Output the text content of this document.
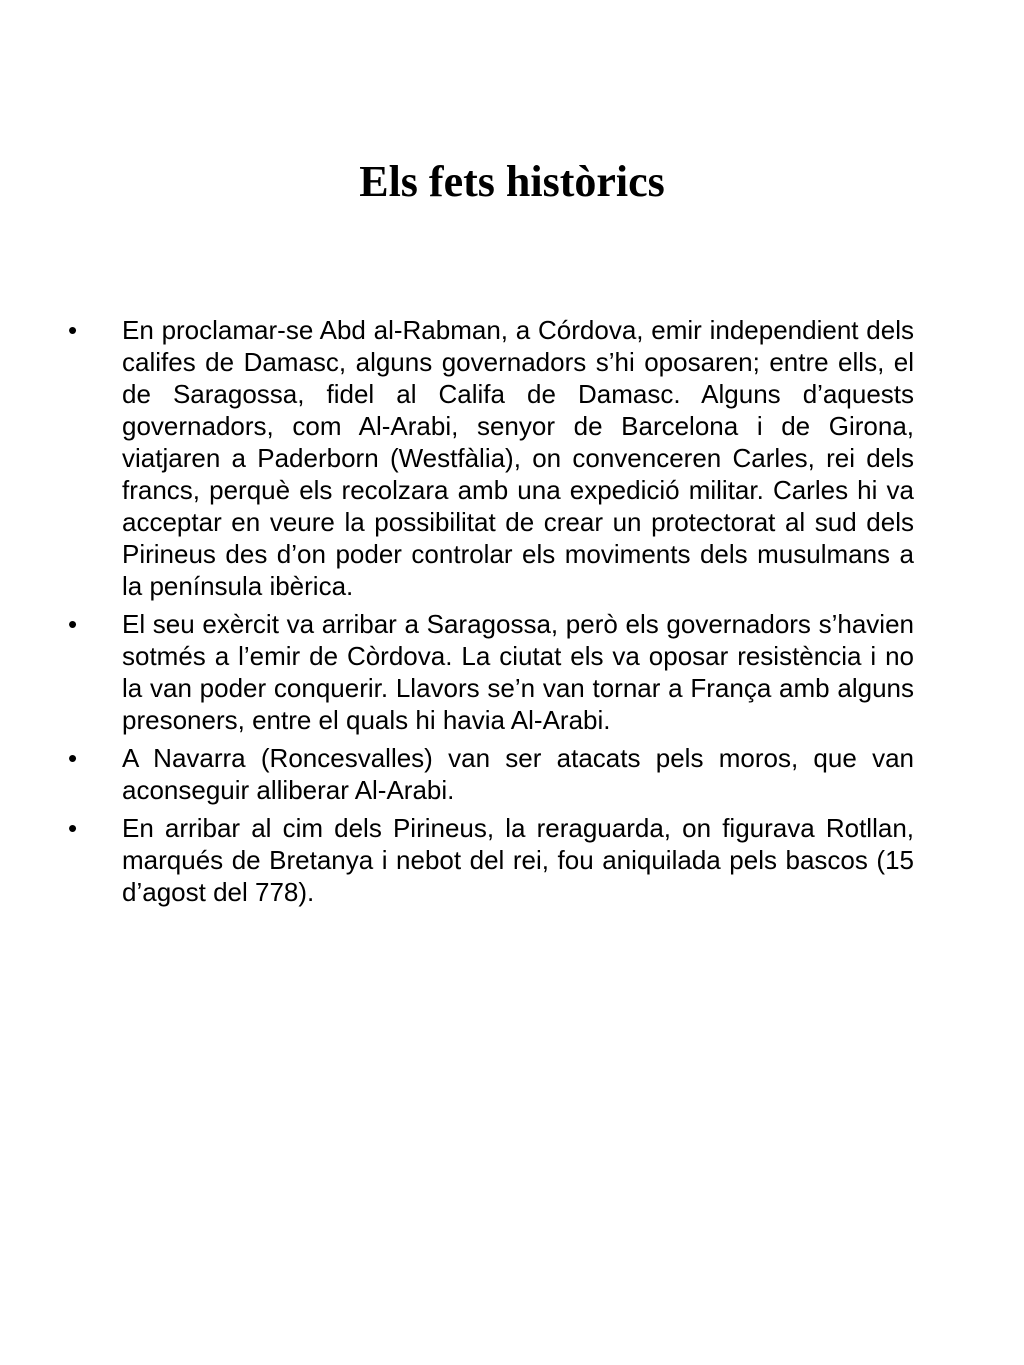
Els fets històrics
• En proclamar-se Abd al-Rabman, a Córdova, emir independient dels califes de Damasc, alguns governadors s’hi oposaren; entre ells, el de Saragossa, fidel al Califa de Damasc. Alguns d’aquests governadors, com Al-Arabi, senyor de Barcelona i de Girona, viatjaren a Paderborn (Westfàlia), on convenceren Carles, rei dels francs, perquè els recolzara amb una expedició militar. Carles hi va acceptar en veure la possibilitat de crear un protectorat al sud dels Pirineus des d’on poder controlar els moviments dels musulmans a la península ibèrica.
• El seu exèrcit va arribar a Saragossa, però els governadors s’havien sotmés a l’emir de Còrdova. La ciutat els va oposar resistència i no la van poder conquerir. Llavors se’n van tornar a França amb alguns presoners, entre el quals hi havia Al-Arabi.
• A Navarra (Roncesvalles) van ser atacats pels moros, que van aconseguir alliberar Al-Arabi.
• En arribar al cim dels Pirineus, la reraguarda, on figurava Rotllan, marqués de Bretanya i nebot del rei, fou aniquilada pels bascos (15 d’agost del 778).
